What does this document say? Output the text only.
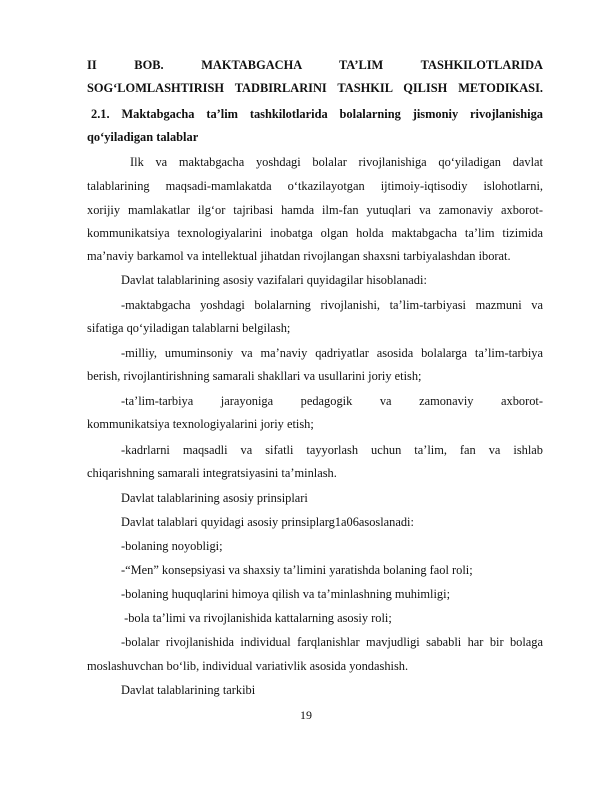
II BOB. MAKTABGACHA TA’LIM TASHKILOTLARIDA
SOG‘LOMLASHTIRISH TADBIRLARINI TASHKIL QILISH METODIKASI.
2.1. Maktabgacha ta’lim tashkilotlarida bolalarning jismoniy rivojlanishiga
qo‘yiladigan talablar
Ilk va maktabgacha yoshdagi bolalar rivojlanishiga qo‘yiladigan davlat
talablarining maqsadi-mamlakatda o‘tkazilayotgan ijtimoiy-iqtisodiy islohotlarni,
xorijiy mamlakatlar ilg‘or tajribasi hamda ilm-fan yutuqlari va zamonaviy axborot-
kommunikatsiya texnologiyalarini inobatga olgan holda maktabgacha ta’lim tizimida
ma’naviy barkamol va intellektual jihatdan rivojlangan shaxsni tarbiyalashdan iborat.
Davlat talablarining asosiy vazifalari quyidagilar hisoblanadi:
-maktabgacha yoshdagi bolalarning rivojlanishi, ta’lim-tarbiyasi mazmuni va
sifatiga qo‘yiladigan talablarni belgilash;
-milliy, umuminsoniy va ma’naviy qadriyatlar asosida bolalarga ta’lim-tarbiya
berish, rivojlantirishning samarali shakllari va usullarini joriy etish;
-ta’lim-tarbiya jarayoniga pedagogik va zamonaviy axborot-
kommunikatsiya texnologiyalarini joriy etish;
-kadrlarni maqsadli va sifatli tayyorlash uchun ta’lim, fan va ishlab
chiqarishning samarali integratsiyasini ta’minlash.
Davlat talablarining asosiy prinsiplari
Davlat talablari quyidagi asosiy prinsiplarg1a06asoslanadi:
-bolaning noyobligi;
-“Men” konsepsiyasi va shaxsiy ta’limini yaratishda bolaning faol roli;
-bolaning huquqlarini himoya qilish va ta’minlashning muhimligi;
-bola ta’limi va rivojlanishida kattalarning asosiy roli;
-bolalar rivojlanishida individual farqlanishlar mavjudligi sababli har bir bolaga
moslashuvchan bo‘lib, individual variativlik asosida yondashish.
Davlat talablarining tarkibi
19
